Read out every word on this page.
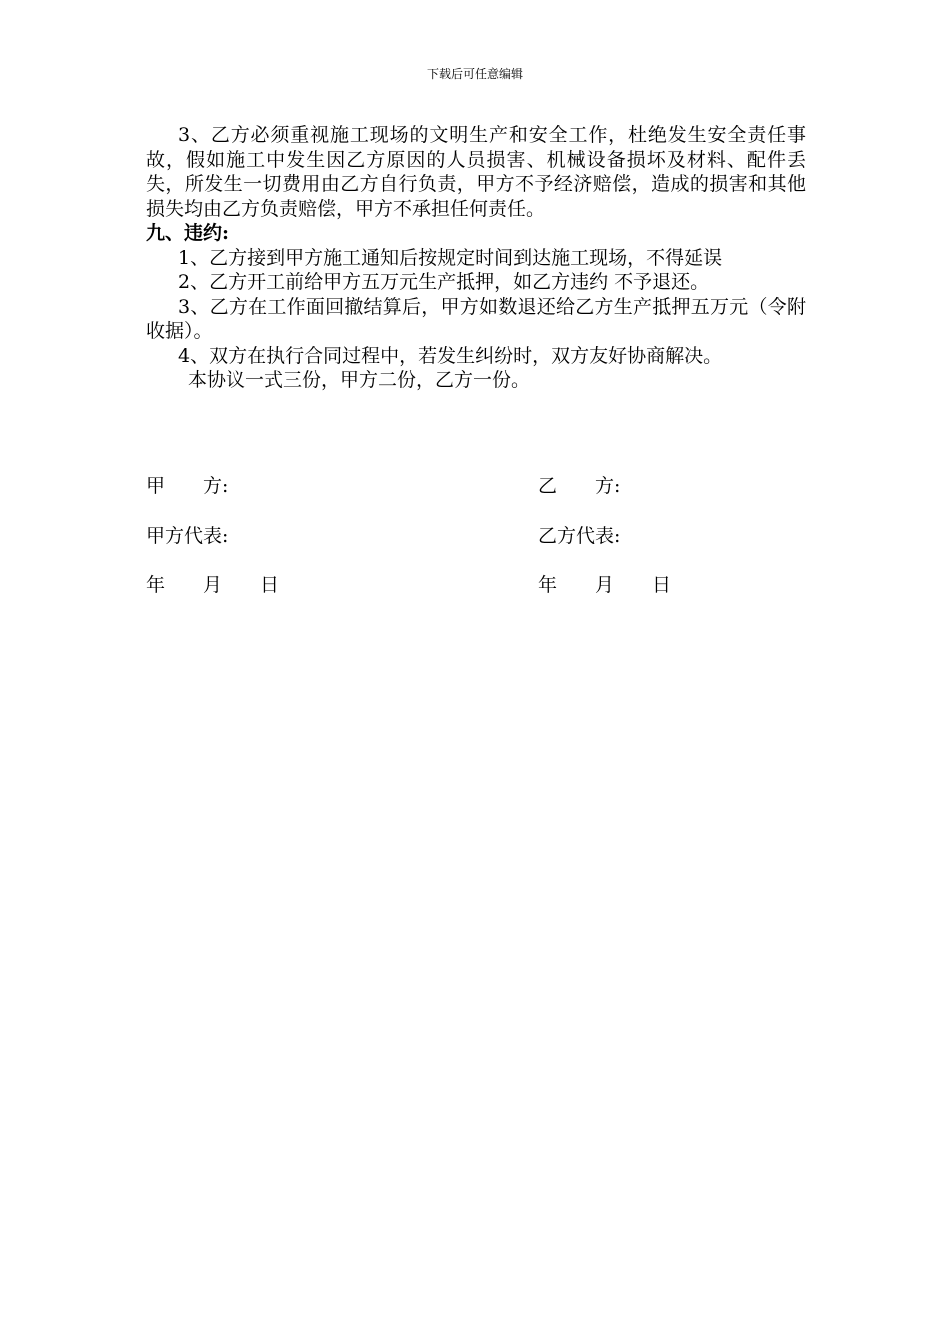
下载后可任意编辑

3、乙方必须重视施工现场的文明生产和安全工作，杜绝发生安全责任事故，假如施工中发生因乙方原因的人员损害、机械设备损坏及材料、配件丢失，所发生一切费用由乙方自行负责，甲方不予经济赔偿，造成的损害和其他损失均由乙方负责赔偿，甲方不承担任何责任。

九、违约:

1、乙方接到甲方施工通知后按规定时间到达施工现场，不得延误

2、乙方开工前给甲方五万元生产抵押，如乙方违约 不予退还。

3、乙方在工作面回撤结算后，甲方如数退还给乙方生产抵押五万元（令附收据）。

4、双方在执行合同过程中，若发生纠纷时，双方友好协商解决。

本协议一式三份，甲方二份，乙方一份。

甲　　方:	乙　　方:
甲方代表:	乙方代表:
年　　月　　日	年　　月　　日
